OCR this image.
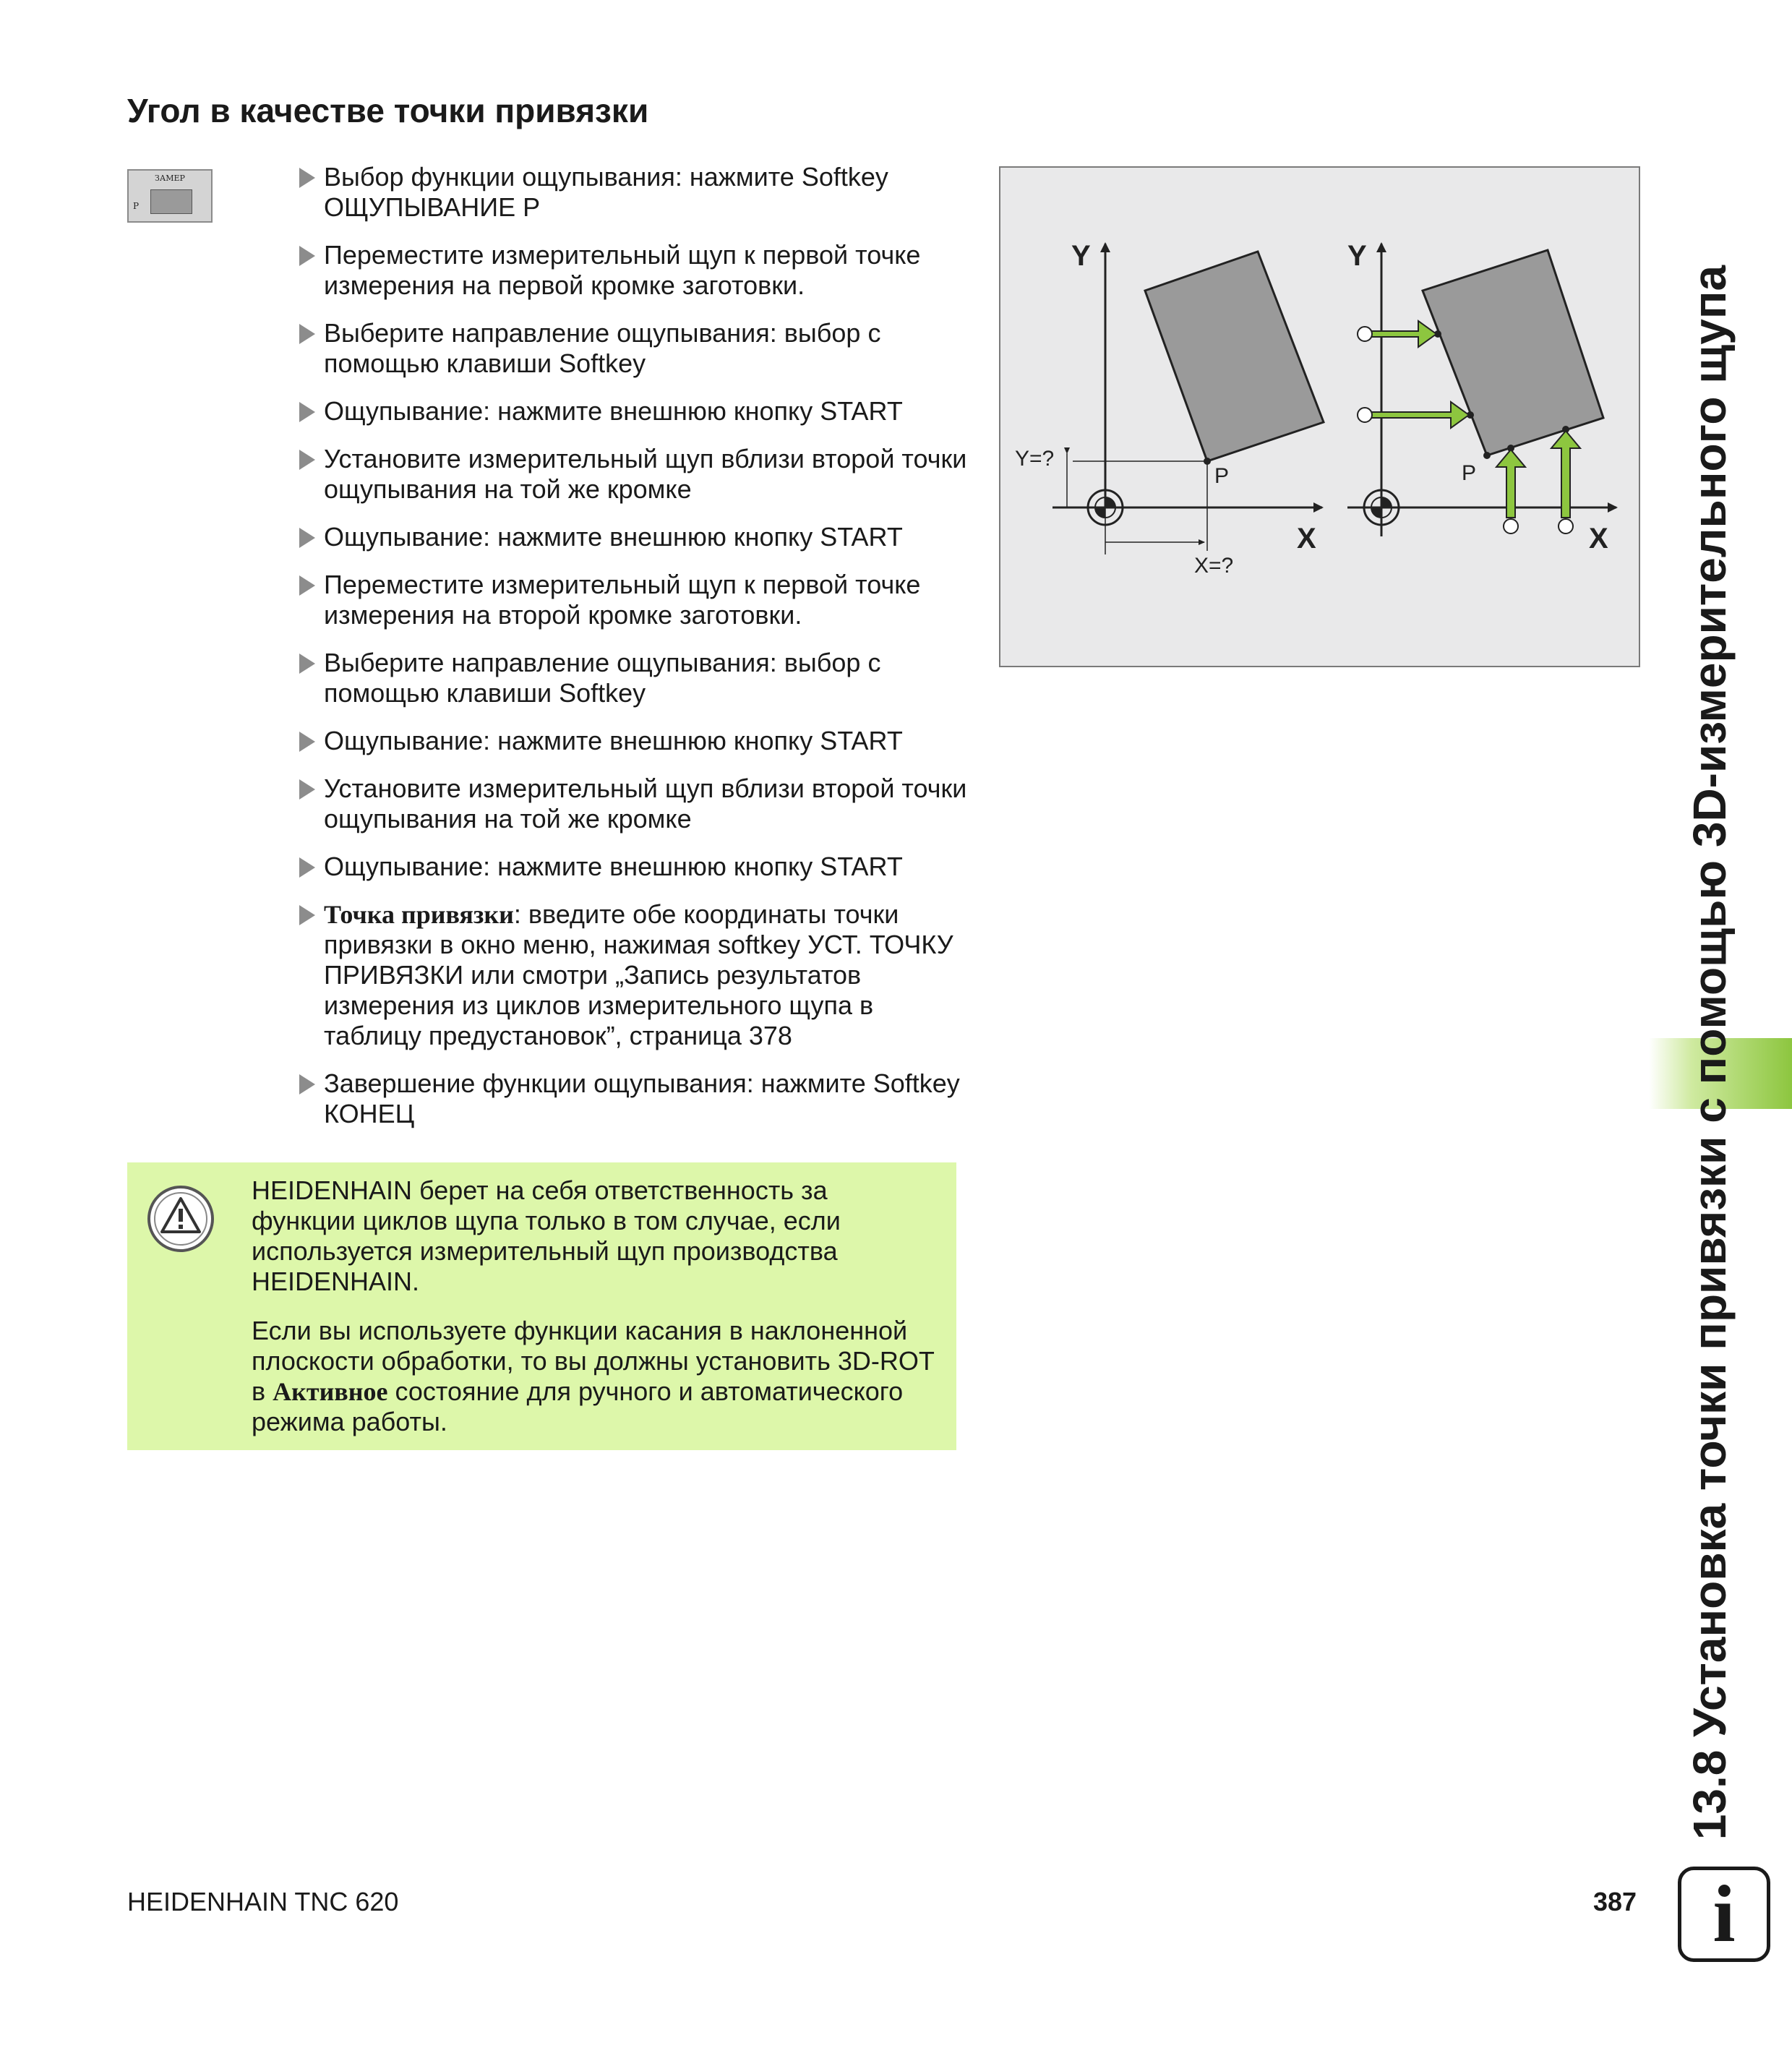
Угол в качестве точки привязки
ЗАМЕР
P
Выбор функции ощупывания: нажмите Softkey ОЩУПЫВАНИЕ P
Переместите измерительный щуп к первой точке измерения на первой кромке заготовки.
Выберите направление ощупывания: выбор с помощью клавиши Softkey
Ощупывание: нажмите внешнюю кнопку START
Установите измерительный щуп вблизи второй точки ощупывания на той же кромке
Ощупывание: нажмите внешнюю кнопку START
Переместите измерительный щуп к первой точке измерения на второй кромке заготовки.
Выберите направление ощупывания: выбор с помощью клавиши Softkey
Ощупывание: нажмите внешнюю кнопку START
Установите измерительный щуп вблизи второй точки ощупывания на той же кромке
Ощупывание: нажмите внешнюю кнопку START
Точка привязки: введите обе координаты точки привязки в окно меню, нажимая softkey УСТ. ТОЧКУ ПРИВЯЗКИ или смотри „Запись результатов измерения из циклов измерительного щупа в таблицу предустановок”, страница 378
Завершение функции ощупывания: нажмите Softkey КОНЕЦ

HEIDENHAIN берет на себя ответственность за функции циклов щупа только в том случае, если используется измерительный щуп производства HEIDENHAIN.

Если вы используете функции касания в наклоненной плоскости обработки, то вы должны установить 3D-ROT в Активное состояние для ручного и автоматического режима работы.

Y
X
P
Y=?
X=?
Y
X
P	13.8 Установка точки привязки с помощью 3D-измерительного щупа
HEIDENHAIN TNC 620	387 i
